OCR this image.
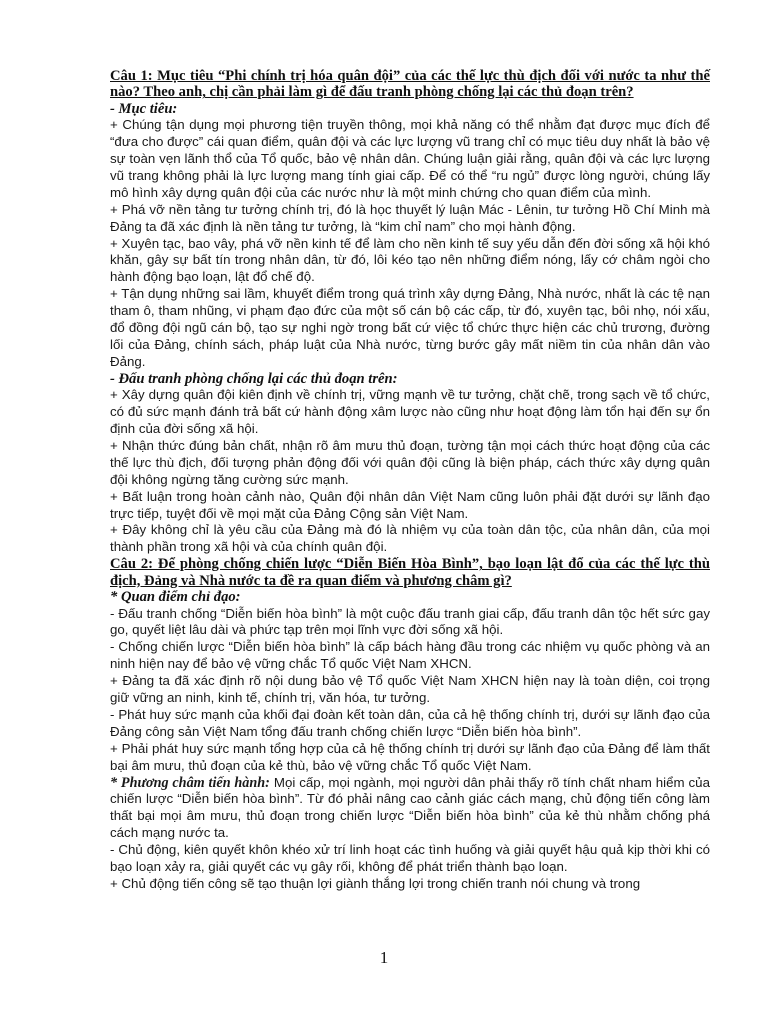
Câu 1: Mục tiêu “Phi chính trị hóa quân đội” của các thế lực thù địch đối với nước ta như thế nào? Theo anh, chị cần phải làm gì để đấu tranh phòng chống lại các thủ đoạn trên?
- Mục tiêu:

+ Chúng tận dụng mọi phương tiện truyền thông, mọi khả năng có thể nhằm đạt được mục đích để “đưa cho được” cái quan điểm, quân đội và các lực lượng vũ trang chỉ có mục tiêu duy nhất là bảo vệ sự toàn vẹn lãnh thổ của Tổ quốc, bảo vệ nhân dân. Chúng luận giải rằng, quân đội và các lực lượng vũ trang không phải là lực lượng mang tính giai cấp. Để có thể “ru ngủ” được lòng người, chúng lấy mô hình xây dựng quân đội của các nước như là một minh chứng cho quan điểm của mình.

+ Phá vỡ nền tảng tư tưởng chính trị, đó là học thuyết lý luận Mác - Lênin, tư tưởng Hồ Chí Minh mà Đảng ta đã xác định là nền tảng tư tưởng, là “kim chỉ nam” cho mọi hành động.

+ Xuyên tạc, bao vây, phá vỡ nền kinh tế để làm cho nền kinh tế suy yếu dẫn đến đời sống xã hội khó khăn, gây sự bất tín trong nhân dân, từ đó, lôi kéo tạo nên những điểm nóng, lấy cớ châm ngòi cho hành động bạo loạn, lật đổ chế độ.

+ Tận dụng những sai lầm, khuyết điểm trong quá trình xây dựng Đảng, Nhà nước, nhất là các tệ nạn tham ô, tham nhũng, vi phạm đạo đức của một số cán bộ các cấp, từ đó, xuyên tạc, bôi nhọ, nói xấu, đổ đồng đội ngũ cán bộ, tạo sự nghi ngờ trong bất cứ việc tổ chức thực hiện các chủ trương, đường lối của Đảng, chính sách, pháp luật của Nhà nước, từng bước gây mất niềm tin của nhân dân vào Đảng.

- Đấu tranh phòng chống lại các thủ đoạn trên:

+ Xây dựng quân đội kiên định về chính trị, vững mạnh về tư tưởng, chặt chẽ, trong sạch về tổ chức, có đủ sức mạnh đánh trả bất cứ hành động xâm lược nào cũng như hoạt động làm tổn hại đến sự ổn định của đời sống xã hội.

+ Nhận thức đúng bản chất, nhận rõ âm mưu thủ đoạn, tường tận mọi cách thức hoạt động của các thế lực thù địch, đối tượng phản động đối với quân đội cũng là biện pháp, cách thức xây dựng quân đội không ngừng tăng cường sức mạnh.

+ Bất luận trong hoàn cảnh nào, Quân đội nhân dân Việt Nam cũng luôn phải đặt dưới sự lãnh đạo trực tiếp, tuyệt đối về mọi mặt của Đảng Cộng sản Việt Nam.

+ Đây không chỉ là yêu cầu của Đảng mà đó là nhiệm vụ của toàn dân tộc, của nhân dân, của mọi thành phần trong xã hội và của chính quân đội.

Câu 2: Để phòng chống chiến lược “Diễn Biến Hòa Bình”, bạo loạn lật đổ của các thế lực thù địch, Đảng và Nhà nước ta đề ra quan điểm và phương châm gì?
* Quan điểm chỉ đạo:

- Đấu tranh chống “Diễn biến hòa bình” là một cuộc đấu tranh giai cấp, đấu tranh dân tộc hết sức gay go, quyết liệt lâu dài và phức tạp trên mọi lĩnh vực đời sống xã hội.

- Chống chiến lược “Diễn biến hòa bình” là cấp bách hàng đầu trong các nhiệm vụ quốc phòng và an ninh hiện nay để bảo vệ vững chắc Tổ quốc Việt Nam XHCN.

+ Đảng ta đã xác định rõ nội dung bảo vệ Tổ quốc Việt Nam XHCN hiện nay là toàn diện, coi trọng giữ vững an ninh, kinh tế, chính trị, văn hóa, tư tưởng.

- Phát huy sức mạnh của khối đại đoàn kết toàn dân, của cả hệ thống chính trị, dưới sự lãnh đạo của Đảng công sản Việt Nam tổng đấu tranh chống chiến lược “Diễn biến hòa bình”.

+ Phải phát huy sức mạnh tổng hợp của cả hệ thống chính trị dưới sự lãnh đạo của Đảng để làm thất bại âm mưu, thủ đoạn của kẻ thù, bảo vệ vững chắc Tổ quốc Việt Nam.

* Phương châm tiến hành: Mọi cấp, mọi ngành, mọi người dân phải thấy rõ tính chất nham hiểm của chiến lược “Diễn biến hòa bình”. Từ đó phải nâng cao cảnh giác cách mạng, chủ động tiến công làm thất bại mọi âm mưu, thủ đoạn trong chiến lược “Diễn biến hòa bình” của kẻ thù nhằm chống phá cách mạng nước ta.

- Chủ động, kiên quyết khôn khéo xử trí linh hoạt các tình huống và giải quyết hậu quả kịp thời khi có bạo loạn xảy ra, giải quyết các vụ gây rối, không để phát triển thành bạo loạn.

+ Chủ động tiến công sẽ tạo thuận lợi giành thắng lợi trong chiến tranh nói chung và trong

1
